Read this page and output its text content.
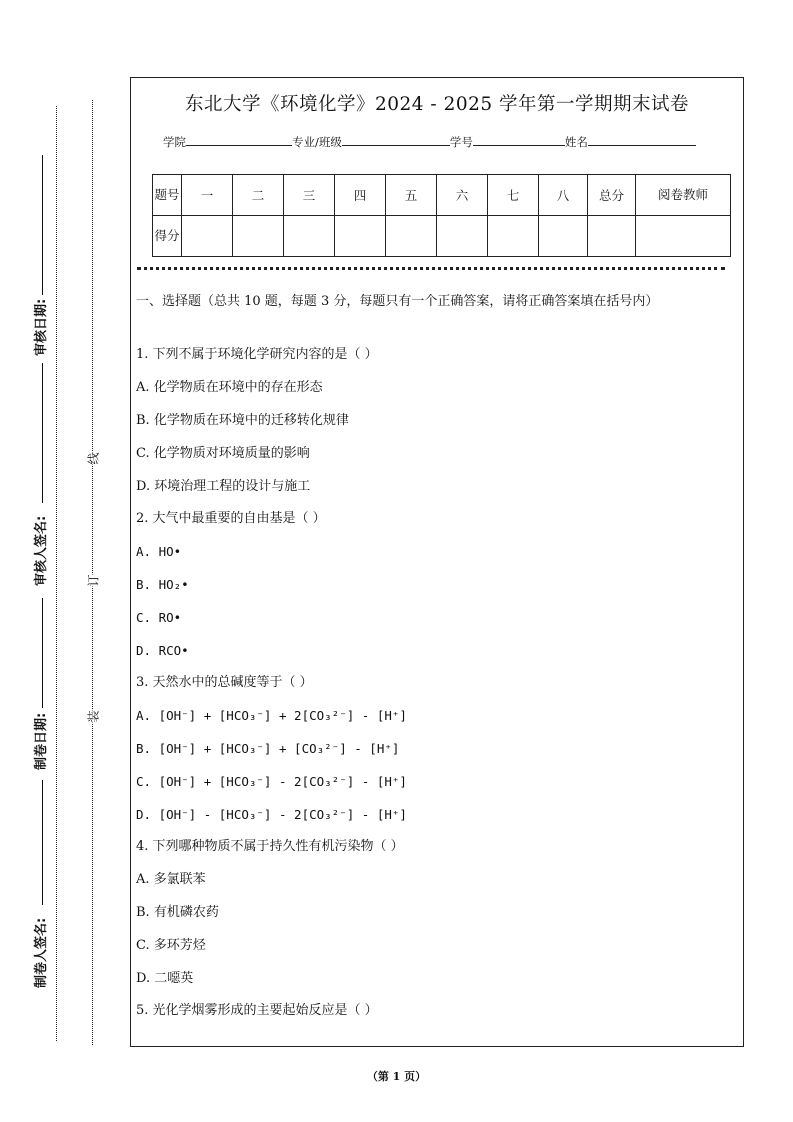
审核日期:
审核人签名:
制卷日期:
制卷人签名:
线
订
装
东北大学《环境化学》2024 - 2025 学年第一学期期末试卷
学院	专业/班级	学号	姓名
题号	一	二	三	四	五	六	七	八	总分	阅卷教师
得分										
一、选择题（总共 10 题，每题 3 分，每题只有一个正确答案，请将正确答案填在括号内）
1. 下列不属于环境化学研究内容的是（ ）
A. 化学物质在环境中的存在形态
B. 化学物质在环境中的迁移转化规律
C. 化学物质对环境质量的影响
D. 环境治理工程的设计与施工
2. 大气中最重要的自由基是（ ）
A. HO•
B. HO₂•
C. RO•
D. RCO•
3. 天然水中的总碱度等于（ ）
A. [OH⁻] + [HCO₃⁻] + 2[CO₃²⁻] - [H⁺]
B. [OH⁻] + [HCO₃⁻] + [CO₃²⁻] - [H⁺]
C. [OH⁻] + [HCO₃⁻] - 2[CO₃²⁻] - [H⁺]
D. [OH⁻] - [HCO₃⁻] - 2[CO₃²⁻] - [H⁺]
4. 下列哪种物质不属于持久性有机污染物（ ）
A. 多氯联苯
B. 有机磷农药
C. 多环芳烃
D. 二噁英
5. 光化学烟雾形成的主要起始反应是（ ）
（第 1 页）
